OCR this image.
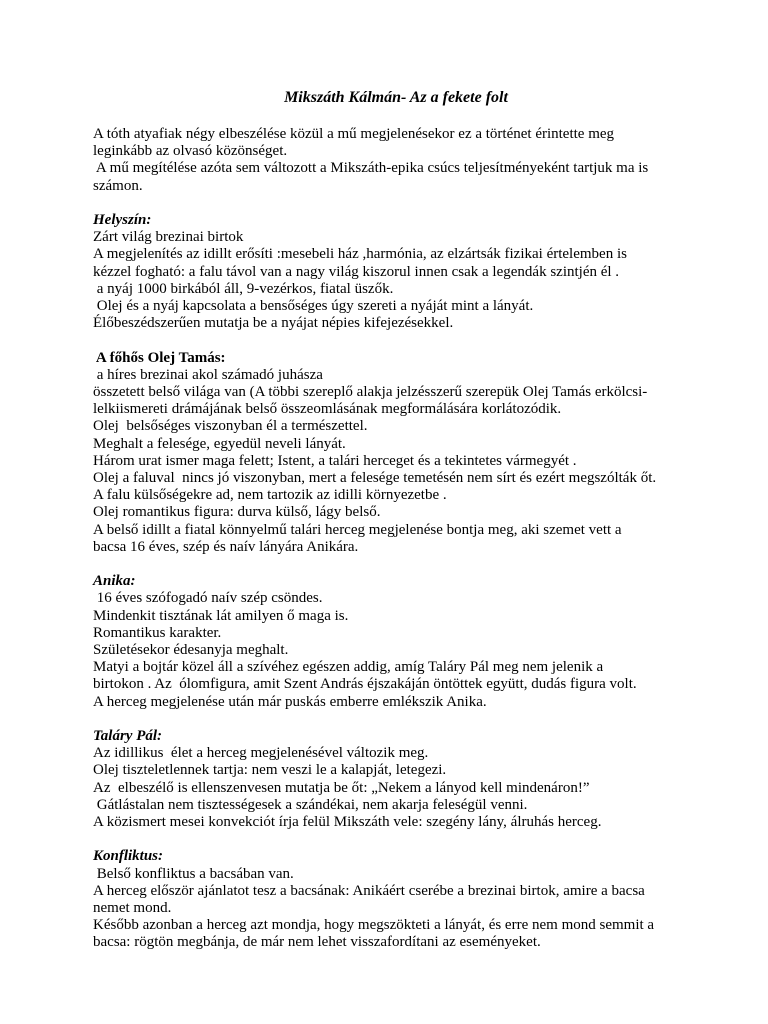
Mikszáth Kálmán- Az a fekete folt
A tóth atyafiak négy elbeszélése közül a mű megjelenésekor ez a történet érintette meg
leginkább az olvasó közönséget.
A mű megítélése azóta sem változott a Mikszáth-epika csúcs teljesítményeként tartjuk ma is
számon.
Helyszín:
Zárt világ brezinai birtok
A megjelenítés az idillt erősíti :mesebeli ház ,harmónia, az elzártsák fizikai értelemben is
kézzel fogható: a falu távol van a nagy világ kiszorul innen csak a legendák szintjén él .
a nyáj 1000 birkából áll, 9-vezérkos, fiatal üszők.
Olej és a nyáj kapcsolata a bensőséges úgy szereti a nyáját mint a lányát.
Élőbeszédszerűen mutatja be a nyájat népies kifejezésekkel.
A főhős Olej Tamás:
a híres brezinai akol számadó juhásza
összetett belső világa van (A többi szereplő alakja jelzésszerű szerepük Olej Tamás erkölcsi-
lelkiismereti drámájának belső összeomlásának megformálására korlátozódik.
Olej  belsőséges viszonyban él a természettel.
Meghalt a felesége, egyedül neveli lányát.
Három urat ismer maga felett; Istent, a talári herceget és a tekintetes vármegyét .
Olej a faluval  nincs jó viszonyban, mert a felesége temetésén nem sírt és ezért megszólták őt.
A falu külsőségekre ad, nem tartozik az idilli környezetbe .
Olej romantikus figura: durva külső, lágy belső.
A belső idillt a fiatal könnyelmű talári herceg megjelenése bontja meg, aki szemet vett a
bacsa 16 éves, szép és naív lányára Anikára.
Anika:
16 éves szófogadó naív szép csöndes.
Mindenkit tisztának lát amilyen ő maga is.
Romantikus karakter.
Születésekor édesanyja meghalt.
Matyi a bojtár közel áll a szívéhez egészen addig, amíg Taláry Pál meg nem jelenik a
birtokon . Az  ólomfigura, amit Szent András éjszakáján öntöttek együtt, dudás figura volt.
A herceg megjelenése után már puskás emberre emlékszik Anika.
Taláry Pál:
Az idillikus  élet a herceg megjelenésével változik meg.
Olej tiszteletlennek tartja: nem veszi le a kalapját, letegezi.
Az  elbeszélő is ellenszenvesen mutatja be őt: „Nekem a lányod kell mindenáron!”
Gátlástalan nem tisztességesek a szándékai, nem akarja feleségül venni.
A közismert mesei konvekciót írja felül Mikszáth vele: szegény lány, álruhás herceg.
Konfliktus:
Belső konfliktus a bacsában van.
A herceg először ajánlatot tesz a bacsának: Anikáért cserébe a brezinai birtok, amire a bacsa
nemet mond.
Később azonban a herceg azt mondja, hogy megszökteti a lányát, és erre nem mond semmit a
bacsa: rögtön megbánja, de már nem lehet visszafordítani az eseményeket.
